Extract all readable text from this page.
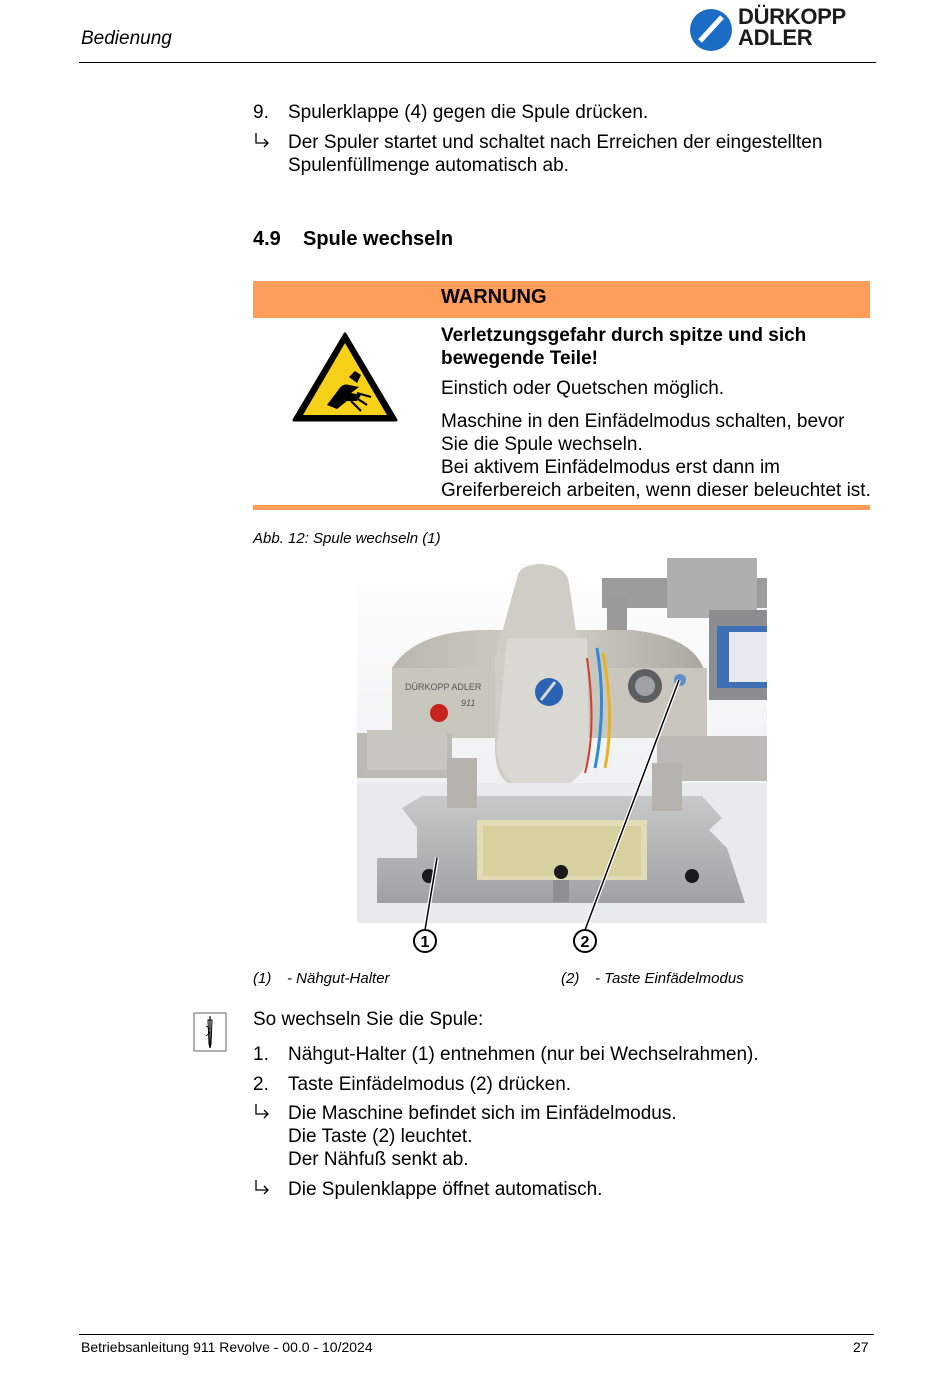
Bedienung
DÜRKOPP
ADLER
9.	Spulerklappe (4) gegen die Spule drücken.
Der Spuler startet und schaltet nach Erreichen der eingestellten
Spulenfüllmenge automatisch ab.
4.9 Spule wechseln
WARNUNG
Verletzungsgefahr durch spitze und sich
bewegende Teile!
Einstich oder Quetschen möglich.
Maschine in den Einfädelmodus schalten, bevor
Sie die Spule wechseln.
Bei aktivem Einfädelmodus erst dann im
Greiferbereich arbeiten, wenn dieser beleuchtet ist.
Abb. 12: Spule wechseln (1)
DÜRKOPP ADLER
911
1	2
(1) - Nähgut-Halter	(2) - Taste Einfädelmodus
So wechseln Sie die Spule:
1.	Nähgut-Halter (1) entnehmen (nur bei Wechselrahmen).
2.	Taste Einfädelmodus (2) drücken.
Die Maschine befindet sich im Einfädelmodus.
Die Taste (2) leuchtet.
Der Nähfuß senkt ab.
Die Spulenklappe öffnet automatisch.
Betriebsanleitung 911 Revolve - 00.0 - 10/2024	27
